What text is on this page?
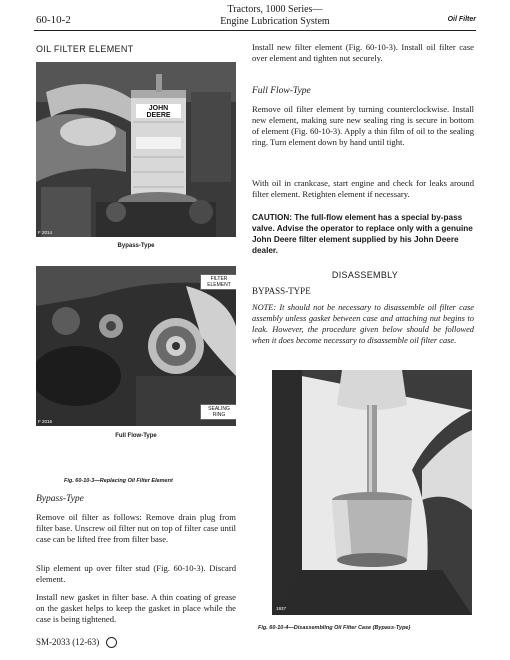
60-10-2
Tractors, 1000 Series—
Engine Lubrication System	Oil Filter
OIL FILTER ELEMENT
JOHN DEERE
F 2014
Bypass-Type
FILTER ELEMENT
SEALING RING
F 2016
Full Flow-Type
Fig. 60-10-3—Replacing Oil Filter Element
Bypass-Type

Remove oil filter as follows: Remove drain plug from filter base. Unscrew oil filter nut on top of filter case until case can be lifted free from filter base.

Slip element up over filter stud (Fig. 60-10-3). Discard element.

Install new gasket in filter base. A thin coating of grease on the gasket helps to keep the gasket in place while the case is being tightened.

Install new filter element (Fig. 60-10-3). Install oil filter case over element and tighten nut securely.

Full Flow-Type

Remove oil filter element by turning counterclockwise. Install new element, making sure new sealing ring is secure in bottom of element (Fig. 60-10-3). Apply a thin film of oil to the sealing ring. Turn element down by hand until tight.

With oil in crankcase, start engine and check for leaks around filter element. Retighten element if necessary.

CAUTION: The full-flow element has a special by-pass valve. Advise the operator to replace only with a genuine John Deere filter element supplied by his John Deere dealer.
DISASSEMBLY
BYPASS-TYPE
NOTE: It should not be necessary to disassemble oil filter case assembly unless gasket between case and attaching nut begins to leak. However, the procedure given below should be followed when it does become necessary to disassemble oil filter case.
1937
Fig. 60-10-4—Disassembling Oil Filter Case (Bypass-Type)
SM-2033 (12-63)
